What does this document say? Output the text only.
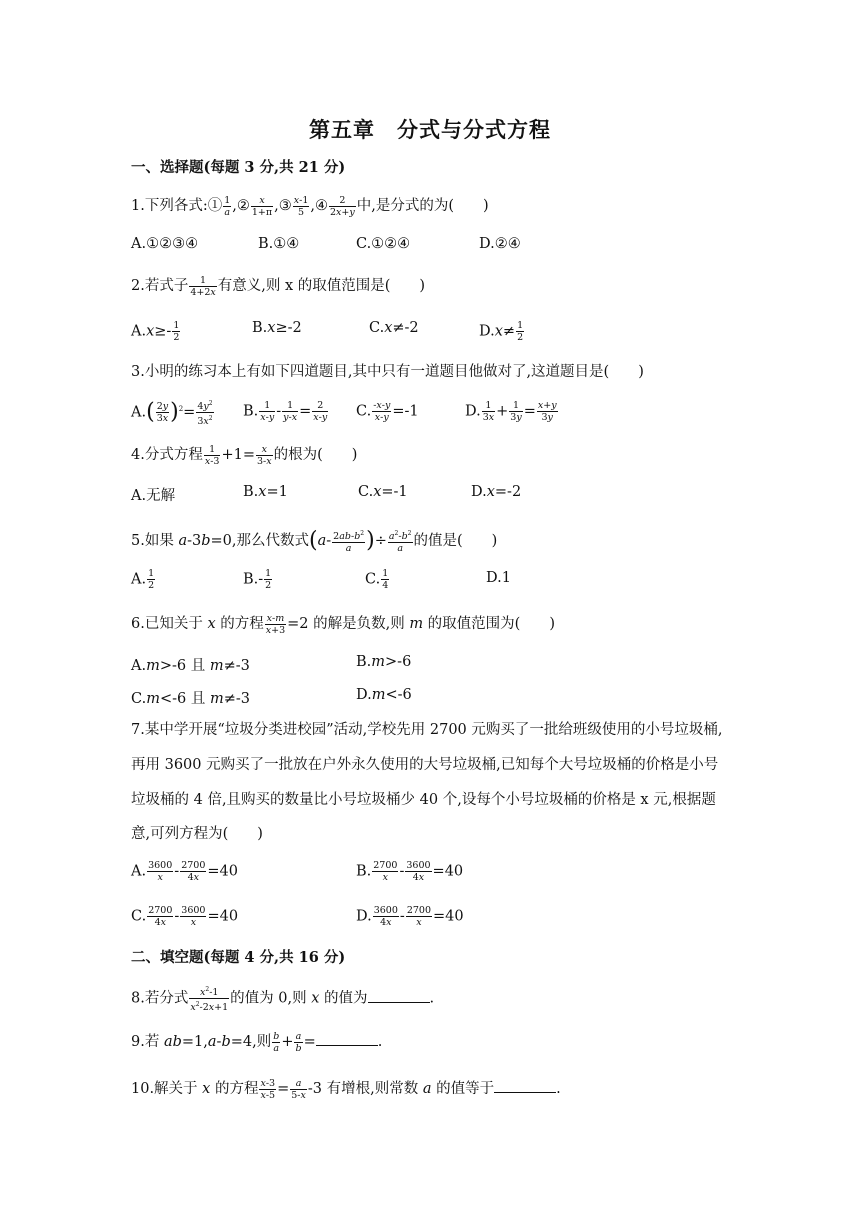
第五章　分式与分式方程
一、选择题(每题 3 分,共 21 分)
1.下列各式:① $\frac{1}{a}$ ,② $\frac{x}{1+\pi}$ ,③ $\frac{x-1}{5}$ ,④ $\frac{2}{2x+y}$ 中,是分式的为(　　)
A.①②③④	B.①④	C.①②④	D.②④
2.若式子 $\frac{1}{4+2x}$ 有意义,则 x 的取值范围是(　　)
$A.x\ge- \frac{1}{2}$	B.x≥-2	C.x≠-2	$D.x\ne \frac{1}{2}$
3.小明的练习本上有如下四道题目,其中只有一道题目他做对了,这道题目是(　　)
$A.( \frac{2y}{3x} )^2= \frac{4y^2}{3x^2} B$. $\frac{1}{x-y} - \frac{1}{y-x} = \frac{2}{x-y} C$. $\frac{-x-y}{x-y} =-1$	D. $\frac{1}{3x} + \frac{1}{3y} = \frac{x+y}{3y}$
4.分式方程 $\frac{1}{x-3} +1= \frac{x}{3-x}$ 的根为(　　)
A.无解	B.x=1	C.x=-1	D.x=-2
5.如果 a-3b=0,那么代数式($a- \frac{2ab-b^2}{a}$ )÷ $\frac{a^2-b^2}{a}$ 的值是(　　)
A. $\frac{1}{2}$	$B.- \frac{1}{2}$	C. $\frac{1}{4}$	D.1
6.已知关于 x 的方程 $\frac{x-m}{x+3} =2$ 的解是负数,则 m 的取值范围为(　　)
A.m>-6 且 m≠-3	B.m>-6
C.m<-6 且 m≠-3	D.m<-6
7.某中学开展“垃圾分类进校园”活动,学校先用 2700 元购买了一批给班级使用的小号垃圾桶,
再用 3600 元购买了一批放在户外永久使用的大号垃圾桶,已知每个大号垃圾桶的价格是小号
垃圾桶的 4 倍,且购买的数量比小号垃圾桶少 40 个,设每个小号垃圾桶的价格是 x 元,根据题
意,可列方程为(　　)
A. $\frac{3600}{x} - \frac{2700}{4x} =40$	B. $\frac{2700}{x} - \frac{3600}{4x} =40$
C. $\frac{2700}{4x} - \frac{3600}{x} =40$	D. $\frac{3600}{4x} - \frac{2700}{x} =40$
二、填空题(每题 4 分,共 16 分)
8.若分式 $\frac{x^2-1}{x^2-2x+1}$ 的值为 0,则 x 的值为	.
9.若 ab=1,a-b=4,则 $\frac{b}{a} + \frac{a}{b}$ =	.
10.解关于 x 的方程 $\frac{x-3}{x-5} = \frac{a}{5-x} -3$ 有增根,则常数 a 的值等于	.
